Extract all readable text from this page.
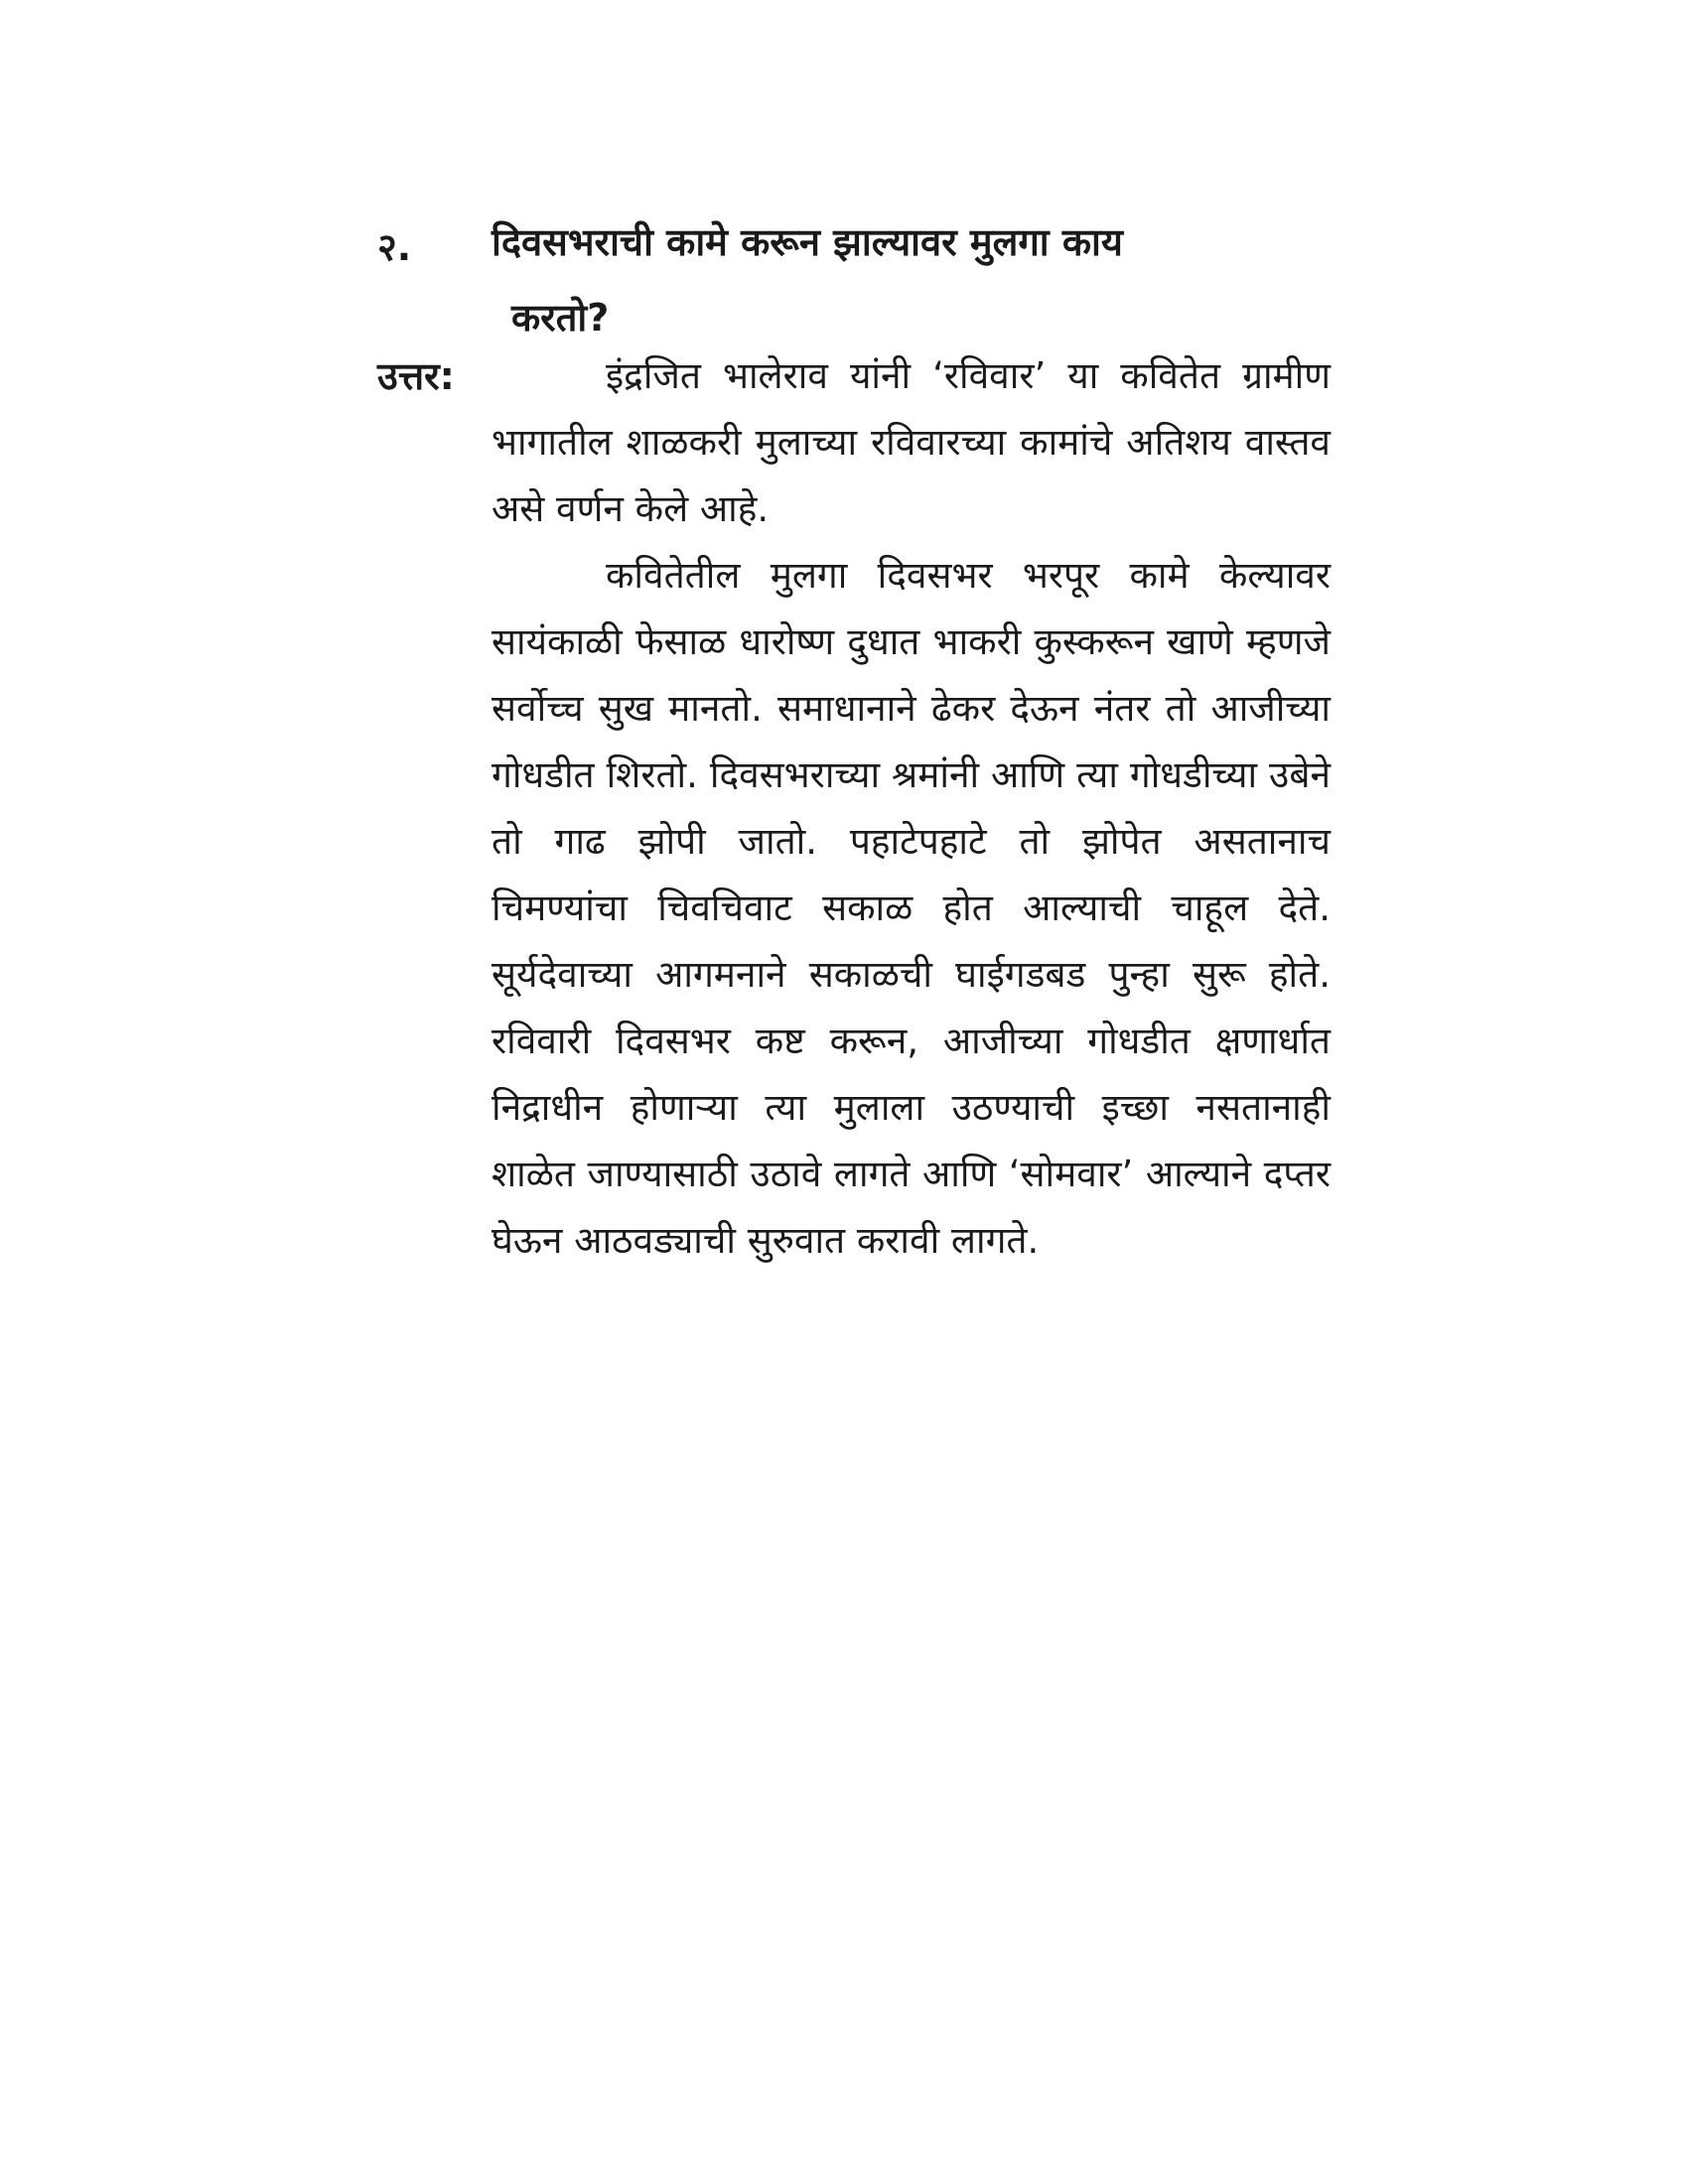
२. दिवसभराची कामे करून झाल्यावर मुलगा काय
करतो?
उत्तर:	इंद्रजित भालेराव यांनी ‘रविवार’ या कवितेत ग्रामीण भागातील शाळकरी मुलाच्या रविवारच्या कामांचे अतिशय वास्तव असे वर्णन केले आहे.

कवितेतील मुलगा दिवसभर भरपूर कामे केल्यावर सायंकाळी फेसाळ धारोष्ण दुधात भाकरी कुस्करून खाणे म्हणजे सर्वोच्च सुख मानतो. समाधानाने ढेकर देऊन नंतर तो आजीच्या गोधडीत शिरतो. दिवसभराच्या श्रमांनी आणि त्या गोधडीच्या उबेने तो गाढ झोपी जातो. पहाटेपहाटे तो झोपेत असतानाच चिमण्यांचा चिवचिवाट सकाळ होत आल्याची चाहूल देते. सूर्यदेवाच्या आगमनाने सकाळची घाईगडबड पुन्हा सुरू होते. रविवारी दिवसभर कष्ट करून, आजीच्या गोधडीत क्षणार्धात निद्राधीन होणाऱ्या त्या मुलाला उठण्याची इच्छा नसतानाही शाळेत जाण्यासाठी उठावे लागते आणि ‘सोमवार’ आल्याने दप्तर घेऊन आठवड्याची सुरुवात करावी लागते.
